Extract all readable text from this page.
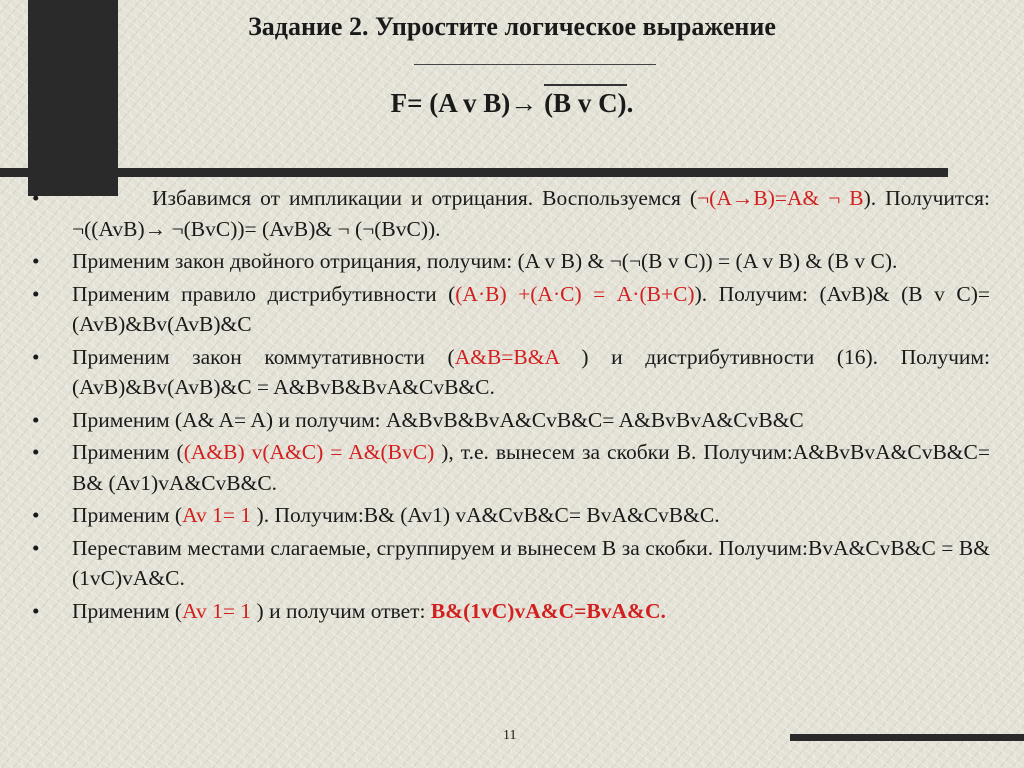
Задание 2. Упростите логическое выражение
F= (A v B)→ (B v C).
• Избавимся от импликации и отрицания. Воспользуемся (¬(A→B)=A& ¬ B). Получится: ¬((AvB)→ ¬(BvC))= (AvB)& ¬ (¬(BvC)).
• Применим закон двойного отрицания, получим: (A v B) & ¬(¬(B v C)) = (A v B) & (B v C).
• Применим правило дистрибутивности ((A·B) +(A·C) = A·(B+C)). Получим: (AvB)& (B v C)= (AvB)&Bv(AvB)&C
• Применим закон коммутативности (A&B=B&A ) и дистрибутивности (16). Получим: (AvB)&Bv(AvB)&C = A&BvB&BvA&CvB&C.
• Применим (A& A= A) и получим: A&BvB&BvA&CvB&C= A&BvBvA&CvB&C
• Применим ((A&B) v(A&C) = A&(BvC) ), т.е. вынесем за скобки B. Получим:A&BvBvA&CvB&C= B& (Av1)vA&CvB&C.
• Применим (Av 1= 1 ). Получим:B& (Av1) vA&CvB&C= BvA&CvB&C.
• Переставим местами слагаемые, сгруппируем и вынесем B за скобки. Получим:BvA&CvB&C = B& (1vC)vA&C.
• Применим (Av 1= 1 ) и получим ответ: B&(1vC)vA&C=BvA&C.
11
